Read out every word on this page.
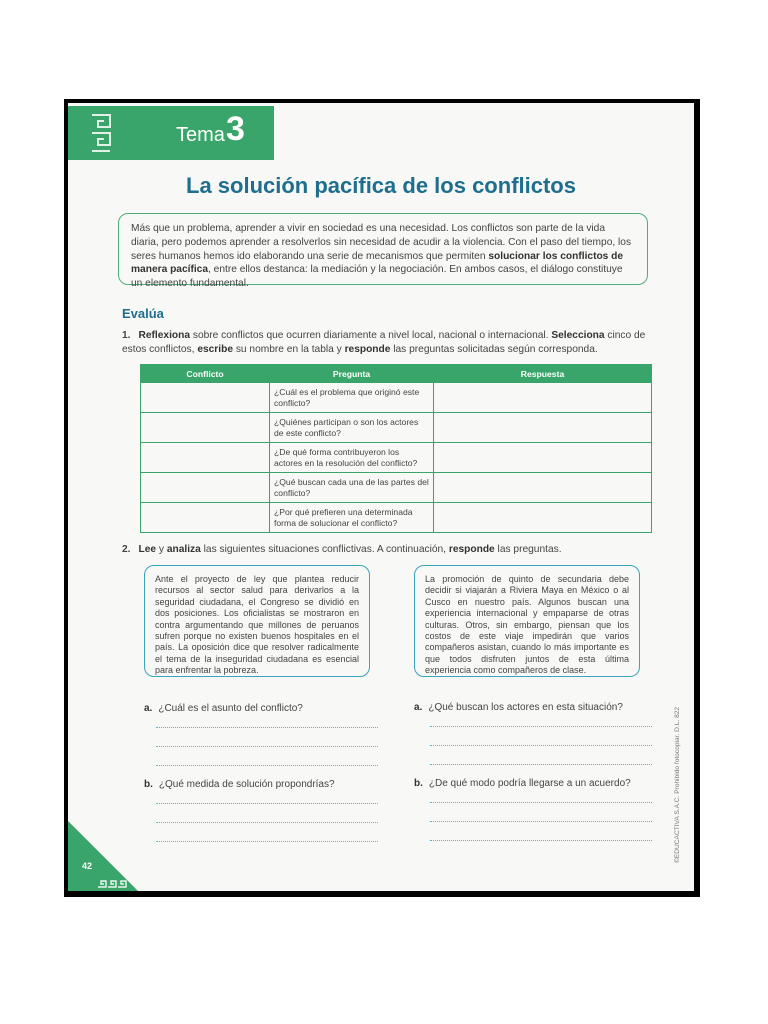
Tema 3
La solución pacífica de los conflictos
Más que un problema, aprender a vivir en sociedad es una necesidad. Los conflictos son parte de la vida diaria, pero podemos aprender a resolverlos sin necesidad de acudir a la violencia. Con el paso del tiempo, los seres humanos hemos ido elaborando una serie de mecanismos que permiten solucionar los conflictos de manera pacífica, entre ellos destanca: la mediación y la negociación. En ambos casos, el diálogo constituye un elemento fundamental.
Evalúa
1. Reflexiona sobre conflictos que ocurren diariamente a nivel local, nacional o internacional. Selecciona cinco de estos conflictos, escribe su nombre en la tabla y responde las preguntas solicitadas según corresponda.
Conflicto	Pregunta	Respuesta
	¿Cuál es el problema que originó este conflicto?	
	¿Quiénes participan o son los actores de este conflicto?	
	¿De qué forma contribuyeron los actores en la resolución del conflicto?	
	¿Qué buscan cada una de las partes del conflicto?	
	¿Por qué prefieren una determinada forma de solucionar el conflicto?	
2. Lee y analiza las siguientes situaciones conflictivas. A continuación, responde las preguntas.
Ante el proyecto de ley que plantea reducir recursos al sector salud para derivarlos a la seguridad ciudadana, el Congreso se dividió en dos posiciones. Los oficialistas se mostraron en contra argumentando que millones de peruanos sufren porque no existen buenos hospitales en el país. La oposición dice que resolver radicalmente el tema de la inseguridad ciudadana es esencial para enfrentar la pobreza.
La promoción de quinto de secundaria debe decidir si viajarán a Riviera Maya en México o al Cusco en nuestro país. Algunos buscan una experiencia internacional y empaparse de otras culturas. Otros, sin embargo, piensan que los costos de este viaje impedirán que varios compañeros asistan, cuando lo más importante es que todos disfruten juntos de esta última experiencia como compañeros de clase.
a. ¿Cuál es el asunto del conflicto?	a. ¿Qué buscan los actores en esta situación?
b. ¿Qué medida de solución propondrías?	b. ¿De qué modo podría llegarse a un acuerdo?	©EDUCACTIVA S.A.C. Prohibido fotocopiar. D.L. 822
42
